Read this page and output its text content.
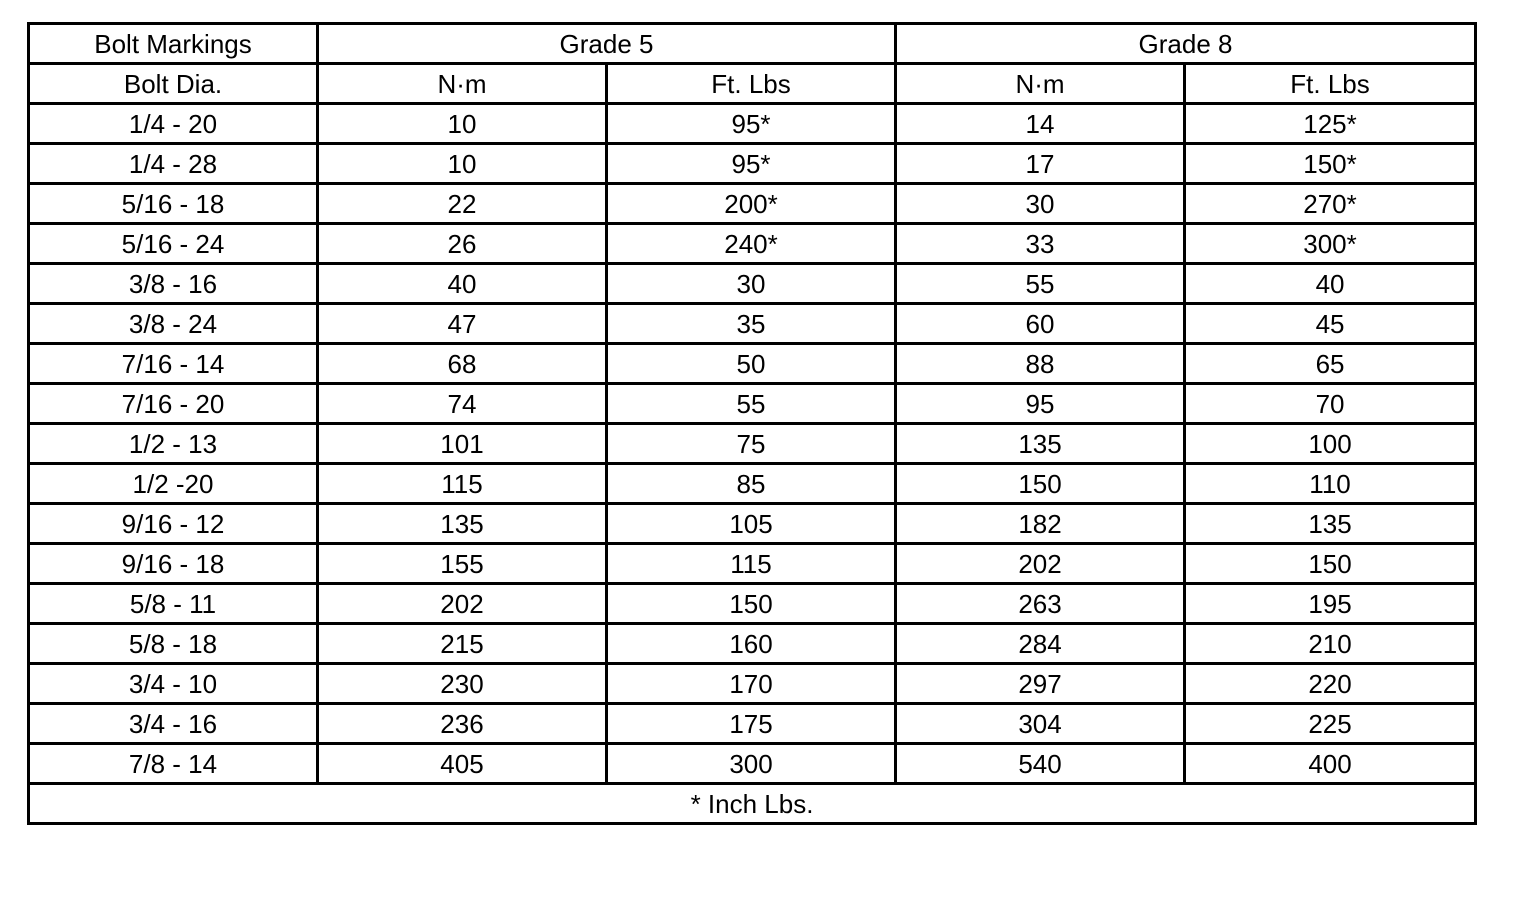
Bolt Markings	Grade 5		Grade 8	
Bolt Dia.	N·m	Ft. Lbs	N·m	Ft. Lbs
1/4 - 20	10	95*	14	125*
1/4 - 28	10	95*	17	150*
5/16 - 18	22	200*	30	270*
5/16 - 24	26	240*	33	300*
3/8 - 16	40	30	55	40
3/8 - 24	47	35	60	45
7/16 - 14	68	50	88	65
7/16 - 20	74	55	95	70
1/2 - 13	101	75	135	100
1/2 -20	115	85	150	110
9/16 - 12	135	105	182	135
9/16 - 18	155	115	202	150
5/8 - 11	202	150	263	195
5/8 - 18	215	160	284	210
3/4 - 10	230	170	297	220
3/4 - 16	236	175	304	225
7/8 - 14	405	300	540	400
* Inch Lbs.				
